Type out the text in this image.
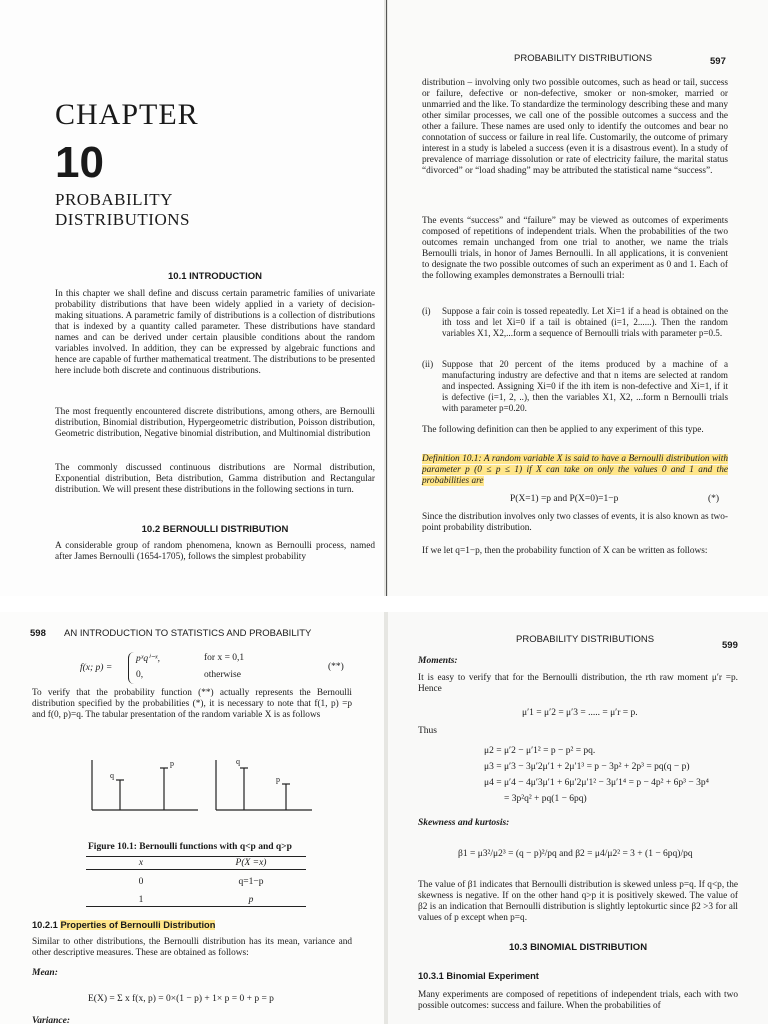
CHAPTER
10
PROBABILITY DISTRIBUTIONS
10.1 INTRODUCTION
In this chapter we shall define and discuss certain parametric families of univariate probability distributions that have been widely applied in a variety of decision-making situations. A parametric family of distributions is a collection of distributions that is indexed by a quantity called parameter. These distributions have standard names and can be derived under certain plausible conditions about the random variables involved. In addition, they can be expressed by algebraic functions and hence are capable of further mathematical treatment. The distributions to be presented here include both discrete and continuous distributions.
The most frequently encountered discrete distributions, among others, are Bernoulli distribution, Binomial distribution, Hypergeometric distribution, Poisson distribution, Geometric distribution, Negative binomial distribution, and Multinomial distribution
The commonly discussed continuous distributions are Normal distribution, Exponential distribution, Beta distribution, Gamma distribution and Rectangular distribution. We will present these distributions in the following sections in turn.
10.2 BERNOULLI DISTRIBUTION
A considerable group of random phenomena, known as Bernoulli process, named after James Bernoulli (1654-1705), follows the simplest probability
PROBABILITY DISTRIBUTIONS	597
distribution – involving only two possible outcomes, such as head or tail, success or failure, defective or non-defective, smoker or non-smoker, married or unmarried and the like. To standardize the terminology describing these and many other similar processes, we call one of the possible outcomes a success and the other a failure. These names are used only to identify the outcomes and bear no connotation of success or failure in real life. Customarily, the outcome of primary interest in a study is labeled a success (even it is a disastrous event). In a study of prevalence of marriage dissolution or rate of electricity failure, the marital status “divorced” or “load shading” may be attributed the statistical name “success”.
The events “success” and “failure” may be viewed as outcomes of experiments composed of repetitions of independent trials. When the probabilities of the two outcomes remain unchanged from one trial to another, we name the trials Bernoulli trials, in honor of James Bernoulli. In all applications, it is convenient to designate the two possible outcomes of such an experiment as 0 and 1. Each of the following examples demonstrates a Bernoulli trial:
(i) Suppose a fair coin is tossed repeatedly. Let Xi=1 if a head is obtained on the ith toss and let Xi=0 if a tail is obtained (i=1, 2......). Then the random variables X1, X2,...form a sequence of Bernoulli trials with parameter p=0.5.
(ii) Suppose that 20 percent of the items produced by a machine of a manufacturing industry are defective and that n items are selected at random and inspected. Assigning Xi=0 if the ith item is non-defective and Xi=1, if it is defective (i=1, 2, ..), then the variables X1, X2, ...form n Bernoulli trials with parameter p=0.20.
The following definition can then be applied to any experiment of this type.
Definition 10.1: A random variable X is said to have a Bernoulli distribution with parameter p (0 ≤ p ≤ 1) if X can take on only the values 0 and 1 and the probabilities are
P(X=1) =p and P(X=0)=1−p	(*)
Since the distribution involves only two classes of events, it is also known as two-point probability distribution.
If we let q=1−p, then the probability function of X can be written as follows:
598 AN INTRODUCTION TO STATISTICS AND PROBABILITY
f(x; p) =
pˣqⁱ⁻ˣ,	for x = 0,1
0,	otherwise
(**)
To verify that the probability function (**) actually represents the Bernoulli distribution specified by the probabilities (*), it is necessary to note that f(1, p) =p and f(0, p)=q. The tabular presentation of the random variable X is as follows
q
p	q
p
Figure 10.1: Bernoulli functions with q<p and q>p
x	P(X =x)
0	q=1−p
1	p
10.2.1 Properties of Bernoulli Distribution
Similar to other distributions, the Bernoulli distribution has its mean, variance and other descriptive measures. These are obtained as follows:
Mean:
E(X) = Σ x f(x, p) = 0×(1 − p) + 1× p = 0 + p = p
Variance:
PROBABILITY DISTRIBUTIONS
599
Moments:
It is easy to verify that for the Bernoulli distribution, the rth raw moment μ′r =p. Hence
μ′1 = μ′2 = μ′3 = ..... = μ′r = p.
Thus
μ2 = μ′2 − μ′1² = p − p² = pq.
μ3 = μ′3 − 3μ′2μ′1 + 2μ′1³ = p − 3p² + 2p³ = pq(q − p)
μ4 = μ′4 − 4μ′3μ′1 + 6μ′2μ′1² − 3μ′1⁴ = p − 4p² + 6p³ − 3p⁴
= 3p²q² + pq(1 − 6pq)
Skewness and kurtosis:
β1 = μ3²/μ2³ = (q − p)²/pq and β2 = μ4/μ2² = 3 + (1 − 6pq)/pq
The value of β1 indicates that Bernoulli distribution is skewed unless p=q. If q<p, the skewness is negative. If on the other hand q>p it is positively skewed. The value of β2 is an indication that Bernoulli distribution is slightly leptokurtic since β2 >3 for all values of p except when p=q.
10.3 BINOMIAL DISTRIBUTION
10.3.1 Binomial Experiment
Many experiments are composed of repetitions of independent trials, each with two possible outcomes: success and failure. When the probabilities of
